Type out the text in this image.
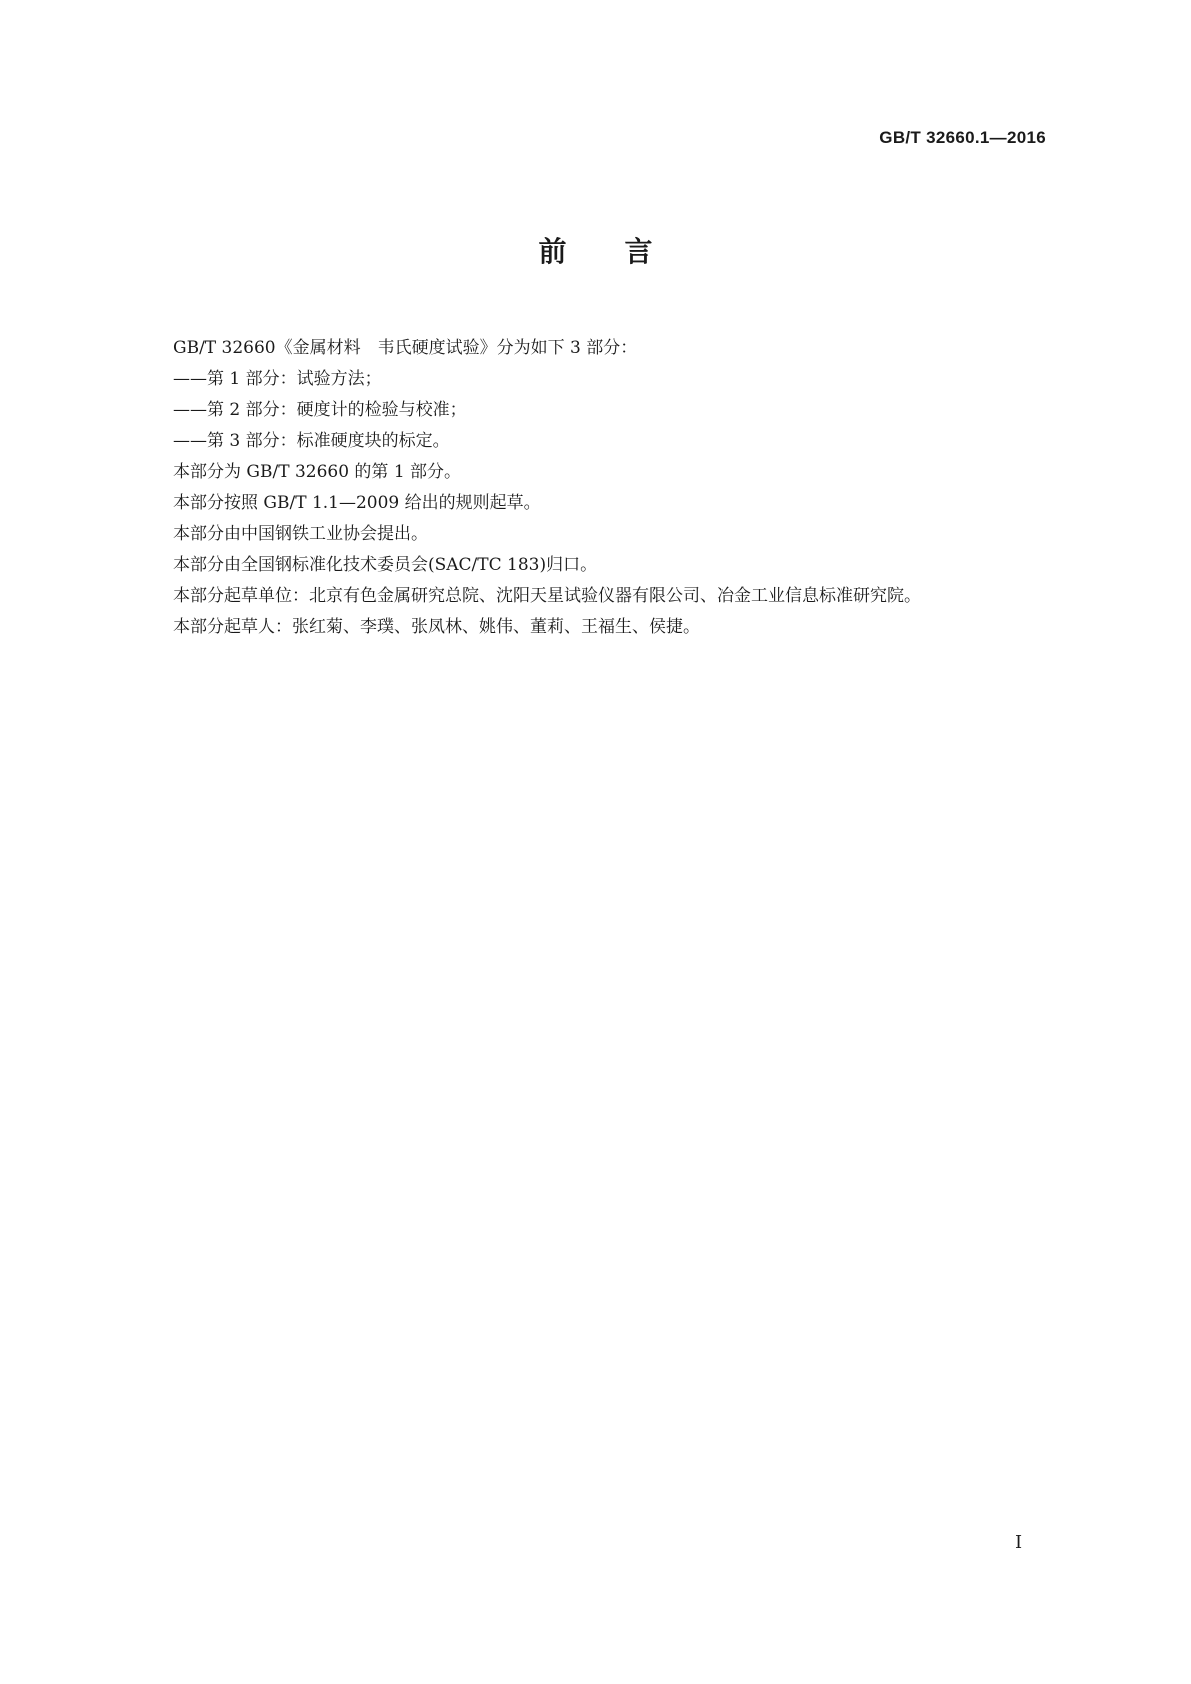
GB/T 32660.1—2016
前言

GB/T 32660《金属材料　韦氏硬度试验》分为如下 3 部分：

——第 1 部分：试验方法；

——第 2 部分：硬度计的检验与校准；

——第 3 部分：标准硬度块的标定。

本部分为 GB/T 32660 的第 1 部分。

本部分按照 GB/T 1.1—2009 给出的规则起草。

本部分由中国钢铁工业协会提出。

本部分由全国钢标准化技术委员会(SAC/TC 183)归口。

本部分起草单位：北京有色金属研究总院、沈阳天星试验仪器有限公司、冶金工业信息标准研究院。

本部分起草人：张红菊、李璞、张凤林、姚伟、董莉、王福生、侯捷。

I
